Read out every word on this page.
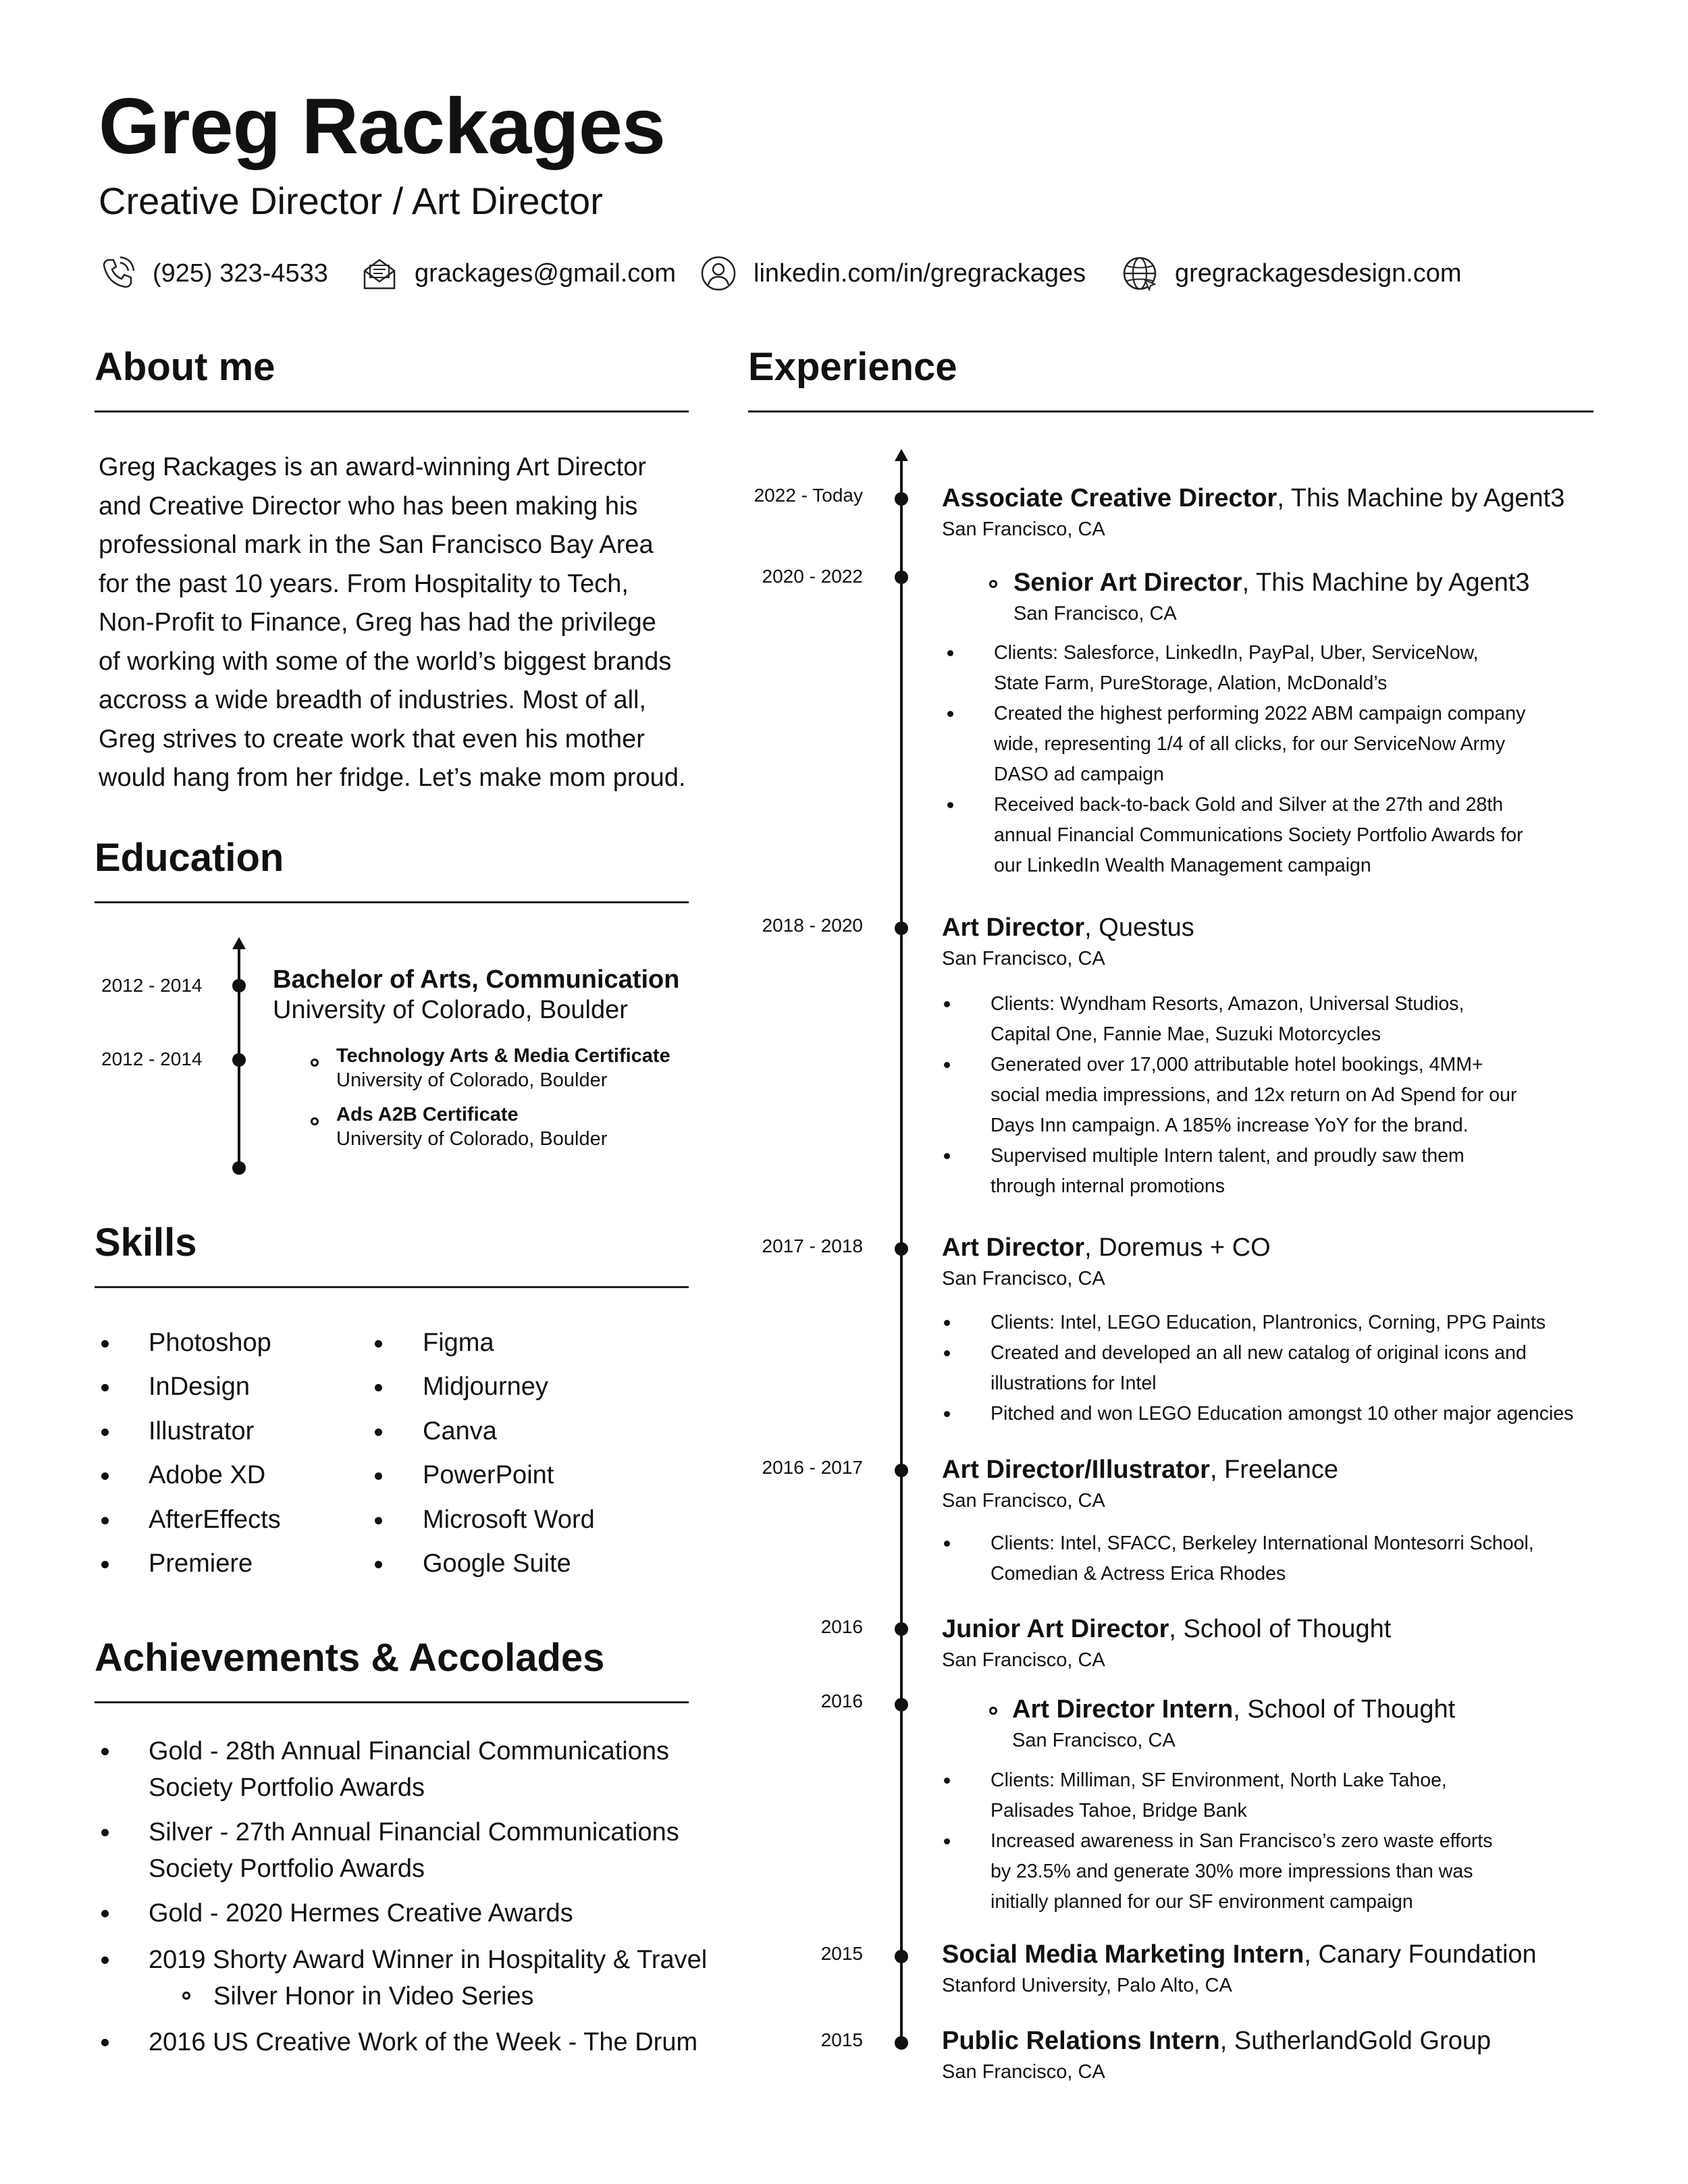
Greg Rackages
Creative Director / Art Director
(925) 323-4533	grackages@gmail.com	linkedin.com/in/gregrackages	gregrackagesdesign.com
About me
Greg Rackages is an award-winning Art Director
and Creative Director who has been making his
professional mark in the San Francisco Bay Area
for the past 10 years. From Hospitality to Tech,
Non-Profit to Finance, Greg has had the privilege
of working with some of the world’s biggest brands
accross a wide breadth of industries. Most of all,
Greg strives to create work that even his mother
would hang from her fridge. Let’s make mom proud.
Education
2012 - 2014	Bachelor of Arts, Communication
University of Colorado, Boulder
2012 - 2014	Technology Arts & Media Certificate
University of Colorado, Boulder
Ads A2B Certificate
University of Colorado, Boulder
Skills
Photoshop
InDesign
Illustrator
Adobe XD
AfterEffects
Premiere
Figma
Midjourney
Canva
PowerPoint
Microsoft Word
Google Suite
Achievements & Accolades
Gold - 28th Annual Financial Communications
Society Portfolio Awards
Silver - 27th Annual Financial Communications
Society Portfolio Awards
Gold - 2020 Hermes Creative Awards
2019 Shorty Award Winner in Hospitality & Travel
Silver Honor in Video Series
2016 US Creative Work of the Week - The Drum
Experience
2022 - Today	Associate Creative Director, This Machine by Agent3
San Francisco, CA
2020 - 2022	Senior Art Director, This Machine by Agent3
San Francisco, CA
Clients: Salesforce, LinkedIn, PayPal, Uber, ServiceNow,
State Farm, PureStorage, Alation, McDonald’s
Created the highest performing 2022 ABM campaign company
wide, representing 1/4 of all clicks, for our ServiceNow Army
DASO ad campaign
Received back-to-back Gold and Silver at the 27th and 28th
annual Financial Communications Society Portfolio Awards for
our LinkedIn Wealth Management campaign
2018 - 2020	Art Director, Questus
San Francisco, CA
Clients: Wyndham Resorts, Amazon, Universal Studios,
Capital One, Fannie Mae, Suzuki Motorcycles
Generated over 17,000 attributable hotel bookings, 4MM+
social media impressions, and 12x return on Ad Spend for our
Days Inn campaign. A 185% increase YoY for the brand.
Supervised multiple Intern talent, and proudly saw them
through internal promotions
2017 - 2018	Art Director, Doremus + CO
San Francisco, CA
Clients: Intel, LEGO Education, Plantronics, Corning, PPG Paints
Created and developed an all new catalog of original icons and
illustrations for Intel
Pitched and won LEGO Education amongst 10 other major agencies
2016 - 2017	Art Director/Illustrator, Freelance
San Francisco, CA
Clients: Intel, SFACC, Berkeley International Montesorri School,
Comedian & Actress Erica Rhodes
2016	Junior Art Director, School of Thought
San Francisco, CA
2016	Art Director Intern, School of Thought
San Francisco, CA
Clients: Milliman, SF Environment, North Lake Tahoe,
Palisades Tahoe, Bridge Bank
Increased awareness in San Francisco’s zero waste efforts
by 23.5% and generate 30% more impressions than was
initially planned for our SF environment campaign
2015	Social Media Marketing Intern, Canary Foundation
Stanford University, Palo Alto, CA
2015	Public Relations Intern, SutherlandGold Group
San Francisco, CA
